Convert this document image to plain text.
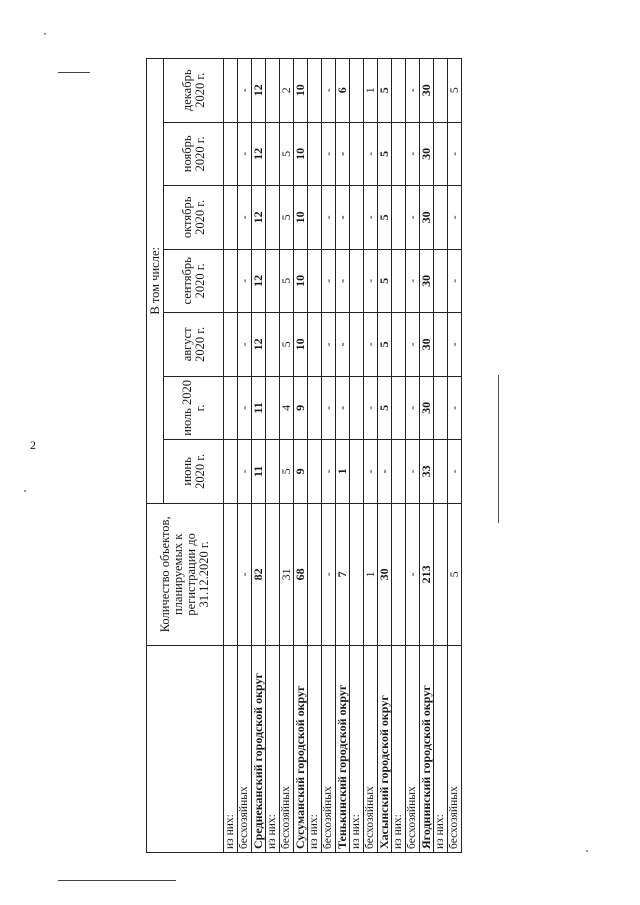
2
	Количество объектов, планируемых к регистрации до 31.12.2020 г.	В том числе:						
		июнь 2020 г.	июль 2020 г.	август 2020 г.	сентябрь 2020 г.	октябрь 2020 г.	ноябрь 2020 г.	декабрь 2020 г.
из них:								
бесхозяйных	-	-	-	-	-	-	-	-
Среднеканский городской округ	82	11	11	12	12	12	12	12
из них:								
бесхозяйных	31	5	4	5	5	5	5	2
Сусуманский городской округ	68	9	9	10	10	10	10	10
из них:								
бесхозяйных	-	-	-	-	-	-	-	-
Тенькинский городской округ	7	1	-	-	-	-	-	6
из них:								
бесхозяйных	1	-	-	-	-	-	-	1
Хасынский городской округ	30	-	5	5	5	5	5	5
из них:								
бесхозяйных	-	-	-	-	-	-	-	-
Ягоднинский городской округ	213	33	30	30	30	30	30	30
из них:								
бесхозяйных	5	-	-	-	-	-	-	5
